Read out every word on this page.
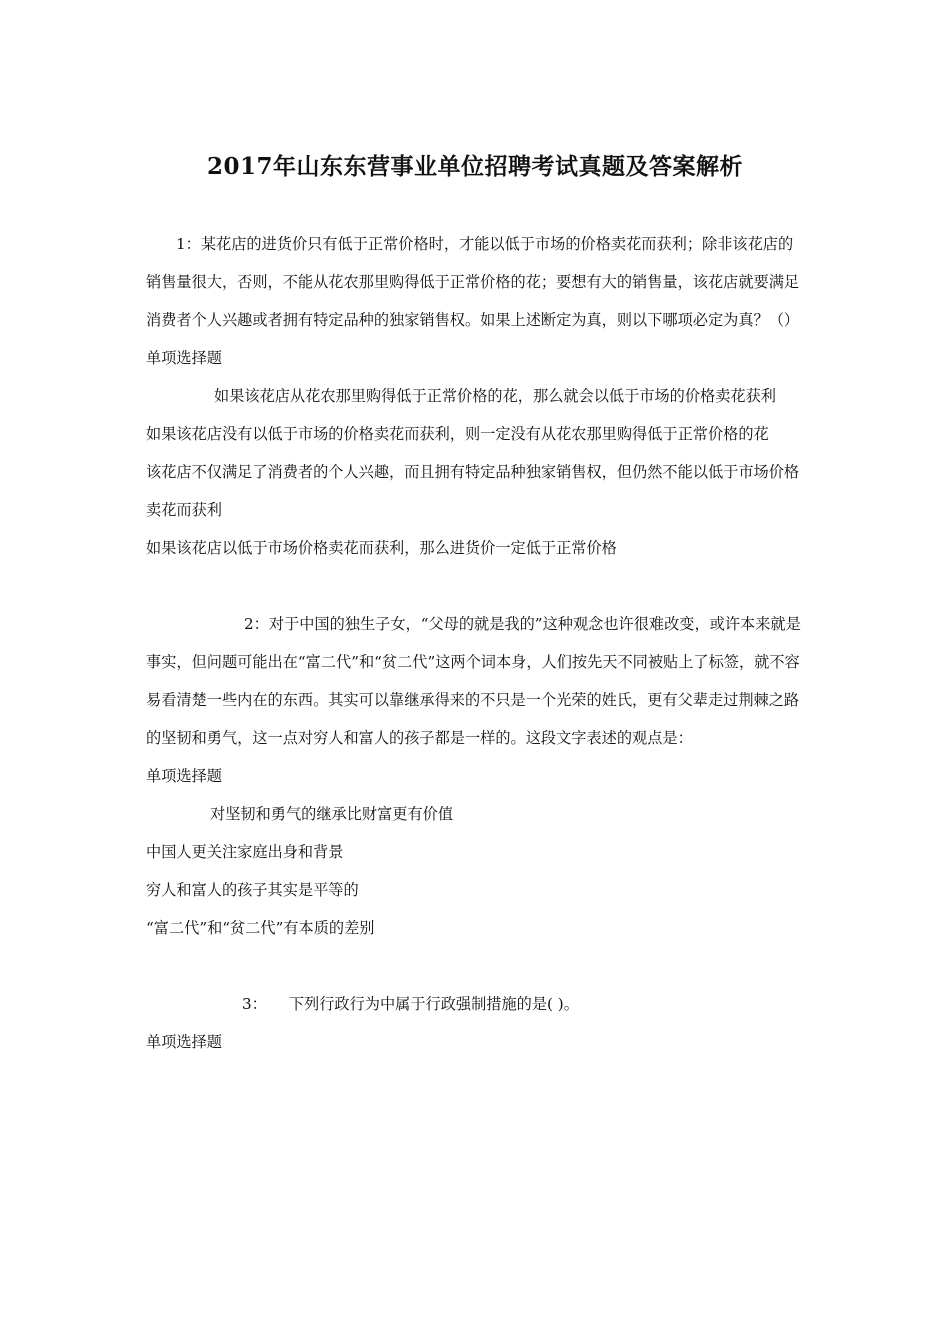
2017年山东东营事业单位招聘考试真题及答案解析

1：某花店的进货价只有低于正常价格时，才能以低于市场的价格卖花而获利；除非该花店的销售量很大，否则，不能从花农那里购得低于正常价格的花；要想有大的销售量，该花店就要满足消费者个人兴趣或者拥有特定品种的独家销售权。如果上述断定为真，则以下哪项必定为真？（）

单项选择题

如果该花店从花农那里购得低于正常价格的花，那么就会以低于市场的价格卖花获利

如果该花店没有以低于市场的价格卖花而获利，则一定没有从花农那里购得低于正常价格的花

该花店不仅满足了消费者的个人兴趣，而且拥有特定品种独家销售权，但仍然不能以低于市场价格卖花而获利

如果该花店以低于市场价格卖花而获利，那么进货价一定低于正常价格

2：对于中国的独生子女，“父母的就是我的”这种观念也许很难改变，或许本来就是事实，但问题可能出在“富二代”和“贫二代”这两个词本身，人们按先天不同被贴上了标签，就不容易看清楚一些内在的东西。其实可以靠继承得来的不只是一个光荣的姓氏，更有父辈走过荆棘之路的坚韧和勇气，这一点对穷人和富人的孩子都是一样的。这段文字表述的观点是：

单项选择题

对坚韧和勇气的继承比财富更有价值

中国人更关注家庭出身和背景

穷人和富人的孩子其实是平等的

“富二代”和“贫二代”有本质的差别

3： 下列行政行为中属于行政强制措施的是( )。

单项选择题
